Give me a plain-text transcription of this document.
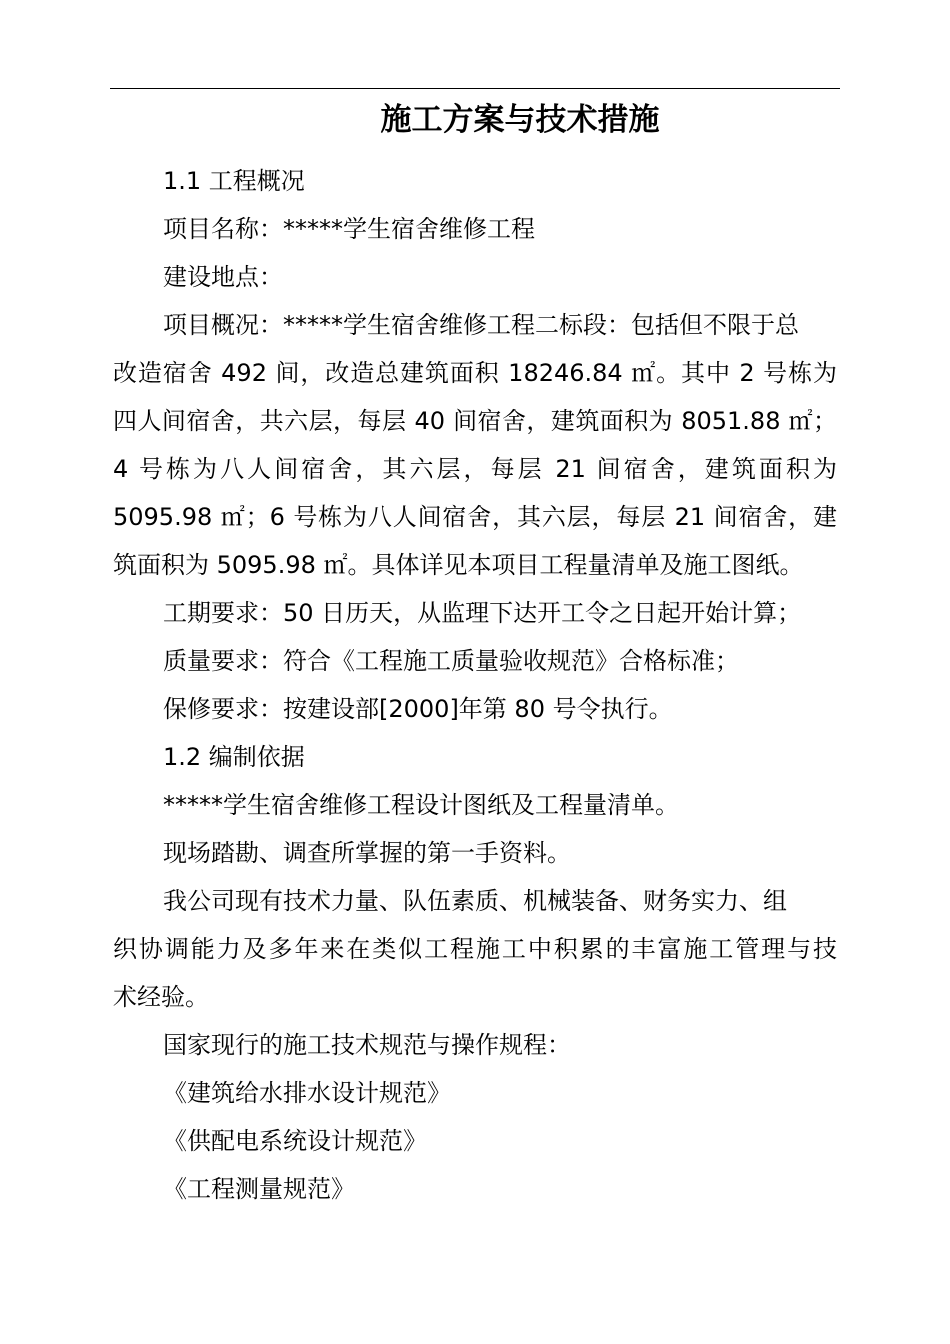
施工方案与技术措施
1.1 工程概况
项目名称：*****学生宿舍维修工程
建设地点：
项目概况：*****学生宿舍维修工程二标段：包括但不限于总
改造宿舍 492 间，改造总建筑面积 18246.84 ㎡。其中 2 号栋为
四人间宿舍，共六层，每层 40 间宿舍，建筑面积为 8051.88 ㎡；
4 号栋为八人间宿舍，其六层，每层 21 间宿舍，建筑面积为
5095.98 ㎡；6 号栋为八人间宿舍，其六层，每层 21 间宿舍，建
筑面积为 5095.98 ㎡。具体详见本项目工程量清单及施工图纸。
工期要求：50 日历天，从监理下达开工令之日起开始计算；
质量要求：符合《工程施工质量验收规范》合格标准；
保修要求：按建设部[2000]年第 80 号令执行。
1.2 编制依据
*****学生宿舍维修工程设计图纸及工程量清单。
现场踏勘、调查所掌握的第一手资料。
我公司现有技术力量、队伍素质、机械装备、财务实力、组
织协调能力及多年来在类似工程施工中积累的丰富施工管理与技
术经验。
国家现行的施工技术规范与操作规程：
《建筑给水排水设计规范》
《供配电系统设计规范》
《工程测量规范》
